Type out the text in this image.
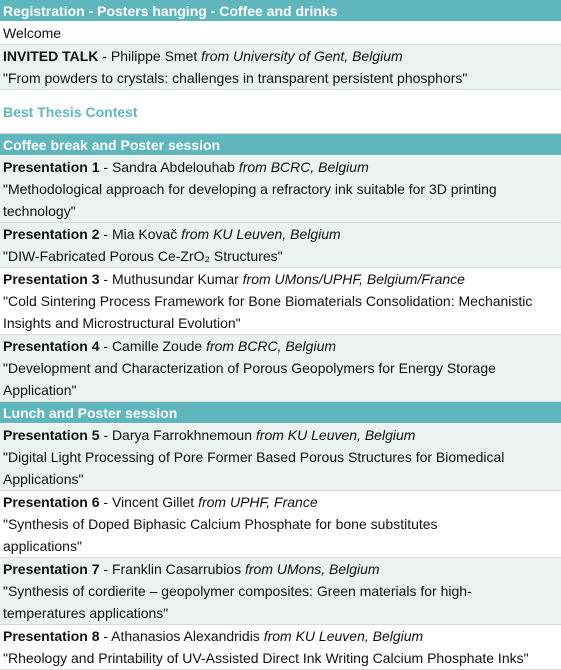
Registration - Posters hanging - Coffee and drinks
Welcome
INVITED TALK - Philippe Smet from University of Gent, Belgium
"From powders to crystals: challenges in transparent persistent phosphors"
Best Thesis Contest
Coffee break and Poster session
Presentation 1 - Sandra Abdelouhab from BCRC, Belgium
"Methodological approach for developing a refractory ink suitable for 3D printing
technology"
Presentation 2 - Mia Kovač from KU Leuven, Belgium
"DIW-Fabricated Porous Ce-ZrO₂ Structures"
Presentation 3 - Muthusundar Kumar from UMons/UPHF, Belgium/France
"Cold Sintering Process Framework for Bone Biomaterials Consolidation: Mechanistic
Insights and Microstructural Evolution"
Presentation 4 - Camille Zoude from BCRC, Belgium
"Development and Characterization of Porous Geopolymers for Energy Storage
Application"
Lunch and Poster session
Presentation 5 - Darya Farrokhnemoun from KU Leuven, Belgium
"Digital Light Processing of Pore Former Based Porous Structures for Biomedical
Applications"
Presentation 6 - Vincent Gillet from UPHF, France
"Synthesis of Doped Biphasic Calcium Phosphate for bone substitutes
applications"
Presentation 7 - Franklin Casarrubios from UMons, Belgium
"Synthesis of cordierite – geopolymer composites: Green materials for high-
temperatures applications"
Presentation 8 - Athanasios Alexandridis from KU Leuven, Belgium
"Rheology and Printability of UV-Assisted Direct Ink Writing Calcium Phosphate Inks"
